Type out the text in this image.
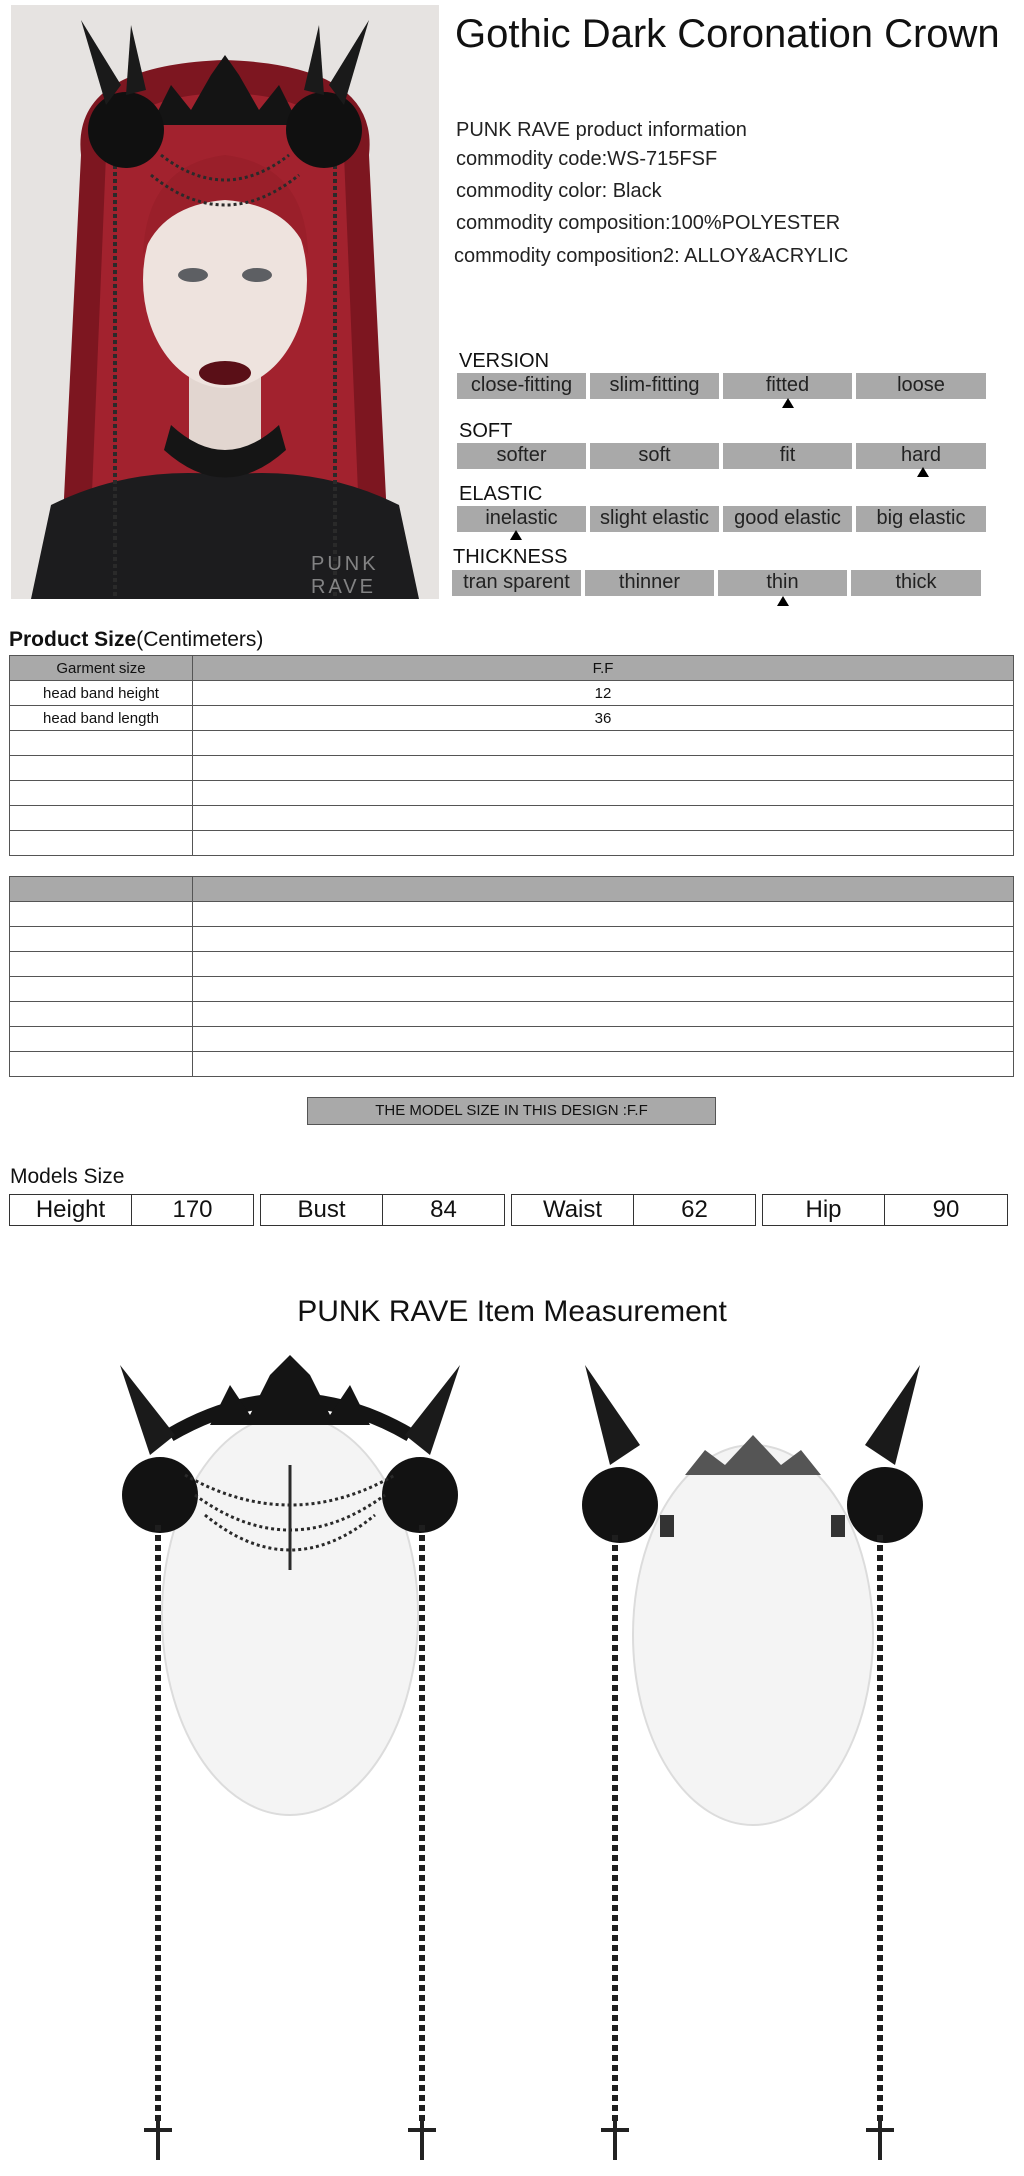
PUNK RAVE
Gothic Dark Coronation Crown
PUNK RAVE product information
commodity code:WS-715FSF
commodity color: Black
commodity composition:100%POLYESTER
commodity composition2: ALLOY&ACRYLIC
VERSION
close-fitting	slim-fitting	fitted	loose
SOFT
softer	soft	fit	hard
ELASTIC
inelastic	slight elastic	good elastic	big elastic
THICKNESS
tran sparent	thinner	thin	thick
Product Size(Centimeters)
Garment size	F.F
head band height	12
head band length	36

THE MODEL SIZE IN THIS DESIGN :F.F
Models Size
Height	170	Bust	84	Waist	62	Hip	90
PUNK RAVE Item Measurement
